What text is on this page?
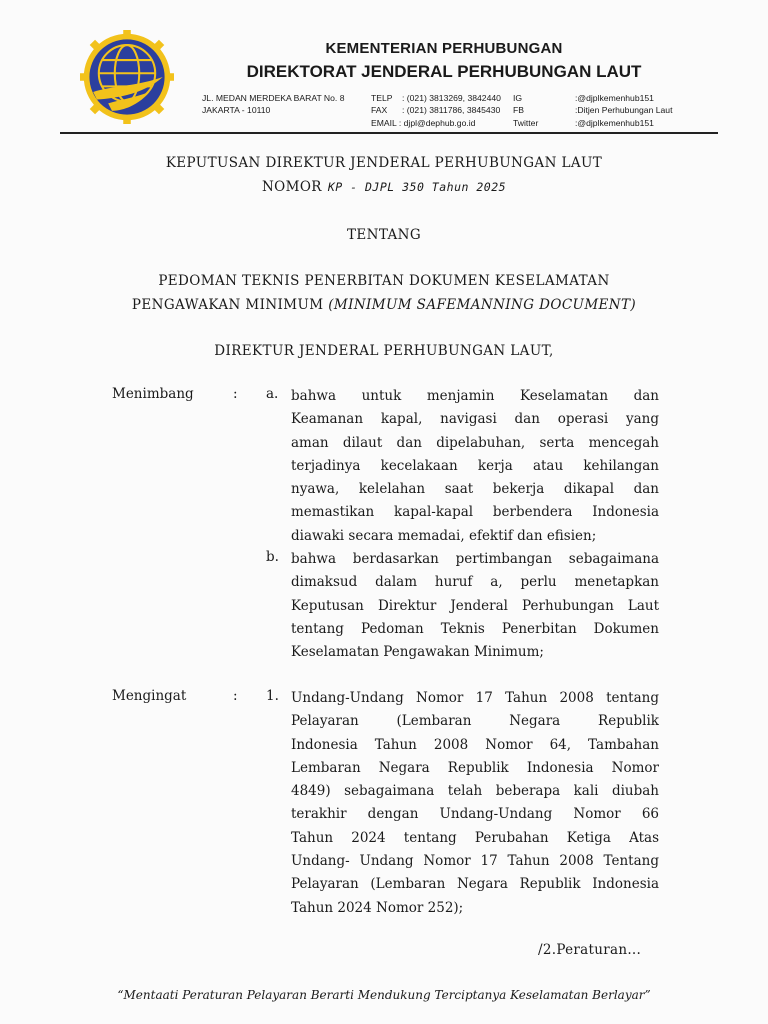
KEMENTERIAN PERHUBUNGAN
DIREKTORAT JENDERAL PERHUBUNGAN LAUT
JL. MEDAN MERDEKA BARAT No. 8
JAKARTA - 10110
TELP : (021) 3813269, 3842440
FAX : (021) 3811786, 3845430
EMAIL : djpl@dephub.go.id
IG	:@djplkemenhub151
FB	:Ditjen Perhubungan Laut
Twitter	:@djplkemenhub151
KEPUTUSAN DIREKTUR JENDERAL PERHUBUNGAN LAUT
NOMOR KP - DJPL 350 Tahun 2025
TENTANG
PEDOMAN TEKNIS PENERBITAN DOKUMEN KESELAMATAN
PENGAWAKAN MINIMUM (MINIMUM SAFEMANNING DOCUMENT)
DIREKTUR JENDERAL PERHUBUNGAN LAUT,
Menimbang	: a. bahwa untuk menjamin Keselamatan dan
Keamanan kapal, navigasi dan operasi yang
aman dilaut dan dipelabuhan, serta mencegah
terjadinya kecelakaan kerja atau kehilangan
nyawa, kelelahan saat bekerja dikapal dan
memastikan kapal-kapal berbendera Indonesia
diawaki secara memadai, efektif dan efisien;
b. bahwa berdasarkan pertimbangan sebagaimana
dimaksud dalam huruf a, perlu menetapkan
Keputusan Direktur Jenderal Perhubungan Laut
tentang Pedoman Teknis Penerbitan Dokumen
Keselamatan Pengawakan Minimum;
Mengingat	: 1. Undang-Undang Nomor 17 Tahun 2008 tentang
Pelayaran (Lembaran Negara Republik
Indonesia Tahun 2008 Nomor 64, Tambahan
Lembaran Negara Republik Indonesia Nomor
4849) sebagaimana telah beberapa kali diubah
terakhir dengan Undang-Undang Nomor 66
Tahun 2024 tentang Perubahan Ketiga Atas
Undang- Undang Nomor 17 Tahun 2008 Tentang
Pelayaran (Lembaran Negara Republik Indonesia
Tahun 2024 Nomor 252);
/2.Peraturan...
“Mentaati Peraturan Pelayaran Berarti Mendukung Terciptanya Keselamatan Berlayar”
